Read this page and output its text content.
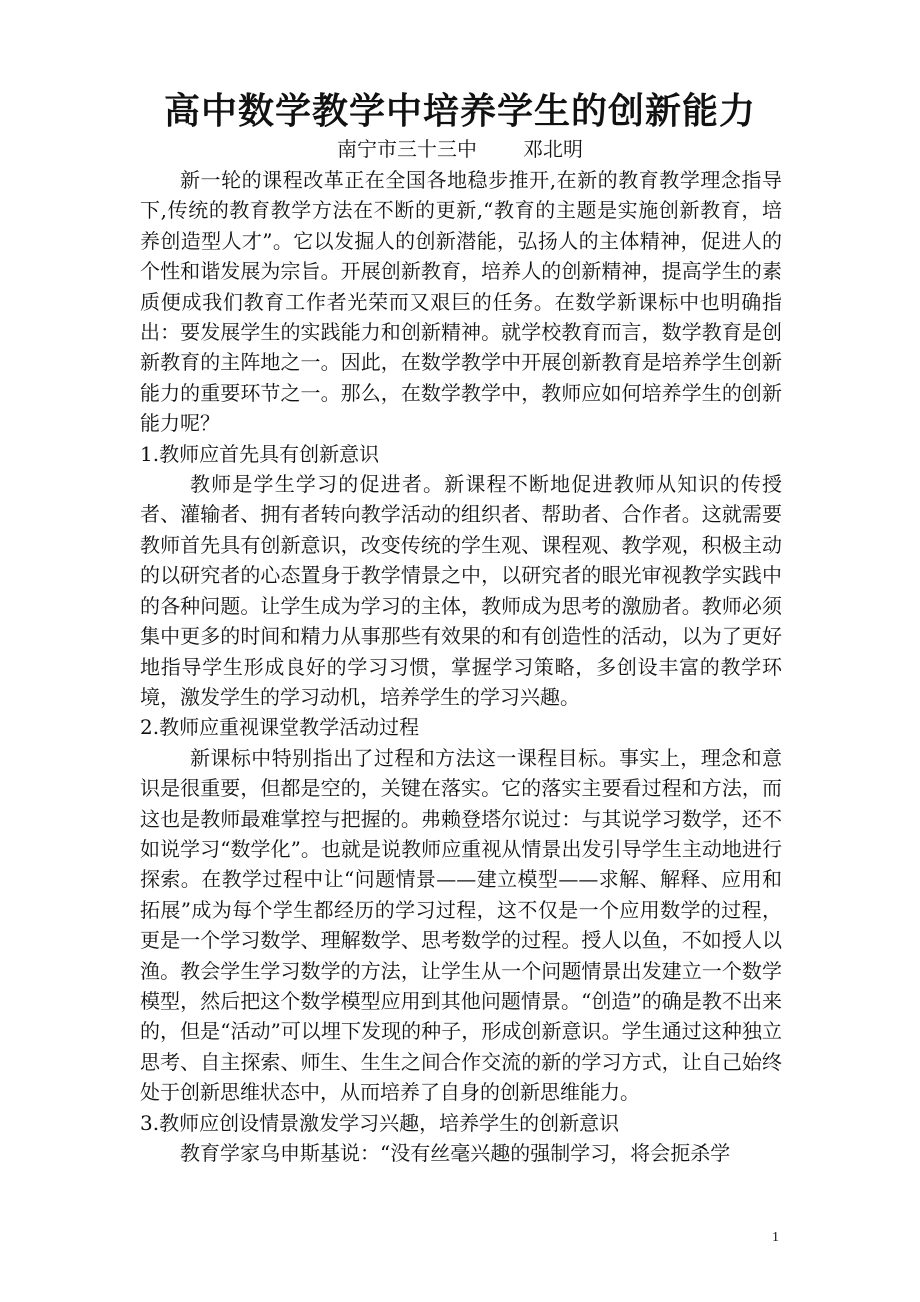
高中数学教学中培养学生的创新能力
南宁市三十三中 邓北明

新一轮的课程改革正在全国各地稳步推开,在新的教育教学理念指导下,传统的教育教学方法在不断的更新,“教育的主题是实施创新教育，培养创造型人才”。它以发掘人的创新潜能，弘扬人的主体精神，促进人的个性和谐发展为宗旨。开展创新教育，培养人的创新精神，提高学生的素质便成我们教育工作者光荣而又艰巨的任务。在数学新课标中也明确指出：要发展学生的实践能力和创新精神。就学校教育而言，数学教育是创新教育的主阵地之一。因此，在数学教学中开展创新教育是培养学生创新能力的重要环节之一。那么，在数学教学中，教师应如何培养学生的创新能力呢？

1.教师应首先具有创新意识

教师是学生学习的促进者。新课程不断地促进教师从知识的传授者、灌输者、拥有者转向教学活动的组织者、帮助者、合作者。这就需要教师首先具有创新意识，改变传统的学生观、课程观、教学观，积极主动的以研究者的心态置身于教学情景之中，以研究者的眼光审视教学实践中的各种问题。让学生成为学习的主体，教师成为思考的激励者。教师必须集中更多的时间和精力从事那些有效果的和有创造性的活动，以为了更好地指导学生形成良好的学习习惯，掌握学习策略，多创设丰富的教学环境，激发学生的学习动机，培养学生的学习兴趣。

2.教师应重视课堂教学活动过程

新课标中特别指出了过程和方法这一课程目标。事实上，理念和意识是很重要，但都是空的，关键在落实。它的落实主要看过程和方法，而这也是教师最难掌控与把握的。弗赖登塔尔说过：与其说学习数学，还不如说学习“数学化”。也就是说教师应重视从情景出发引导学生主动地进行探索。在教学过程中让“问题情景——建立模型——求解、解释、应用和拓展”成为每个学生都经历的学习过程，这不仅是一个应用数学的过程，更是一个学习数学、理解数学、思考数学的过程。授人以鱼，不如授人以渔。教会学生学习数学的方法，让学生从一个问题情景出发建立一个数学模型，然后把这个数学模型应用到其他问题情景。“创造”的确是教不出来的，但是“活动”可以埋下发现的种子，形成创新意识。学生通过这种独立思考、自主探索、师生、生生之间合作交流的新的学习方式，让自己始终处于创新思维状态中，从而培养了自身的创新思维能力。

3.教师应创设情景激发学习兴趣，培养学生的创新意识

教育学家乌申斯基说：“没有丝毫兴趣的强制学习，将会扼杀学

1
